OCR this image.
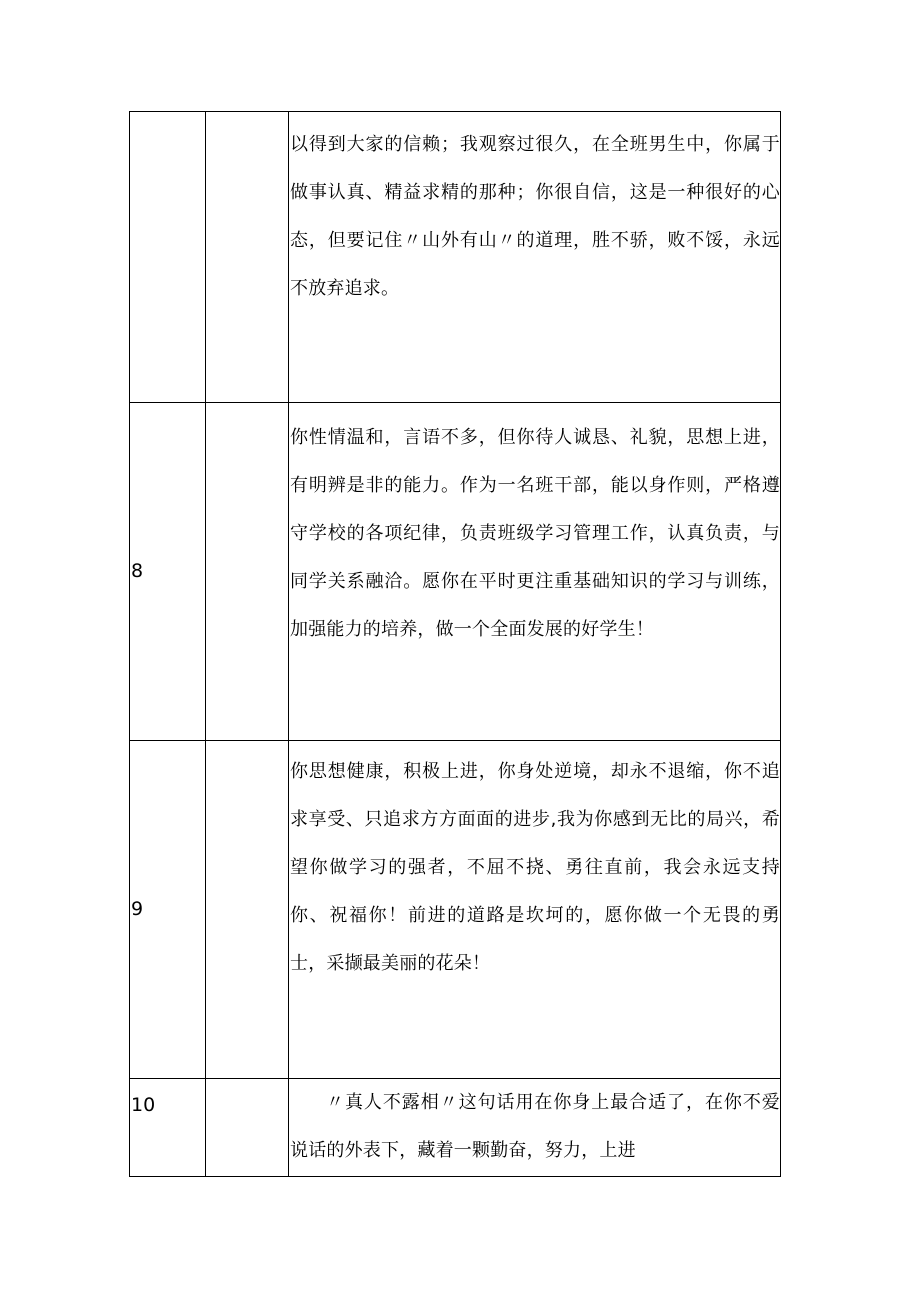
		以得到大家的信赖；我观察过很久，在全班男生中，你属于做事认真、精益求精的那种；你很自信，这是一种很好的心态，但要记住〃山外有山〃的道理，胜不骄，败不馁，永远不放弃追求。

8		你性情温和，言语不多，但你待人诚恳、礼貌，思想上进，有明辨是非的能力。作为一名班干部，能以身作则，严格遵守学校的各项纪律，负责班级学习管理工作，认真负责，与同学关系融洽。愿你在平时更注重基础知识的学习与训练，加强能力的培养，做一个全面发展的好学生！

9		你思想健康，积极上进，你身处逆境，却永不退缩，你不追求享受、只追求方方面面的进步,我为你感到无比的局兴，希望你做学习的强者，不屈不挠、勇往直前，我会永远支持你、祝福你！前进的道路是坎坷的，愿你做一个无畏的勇士，采撷最美丽的花朵！

10		〃真人不露相〃这句话用在你身上最合适了，在你不爱说话的外表下，藏着一颗勤奋，努力，上进
